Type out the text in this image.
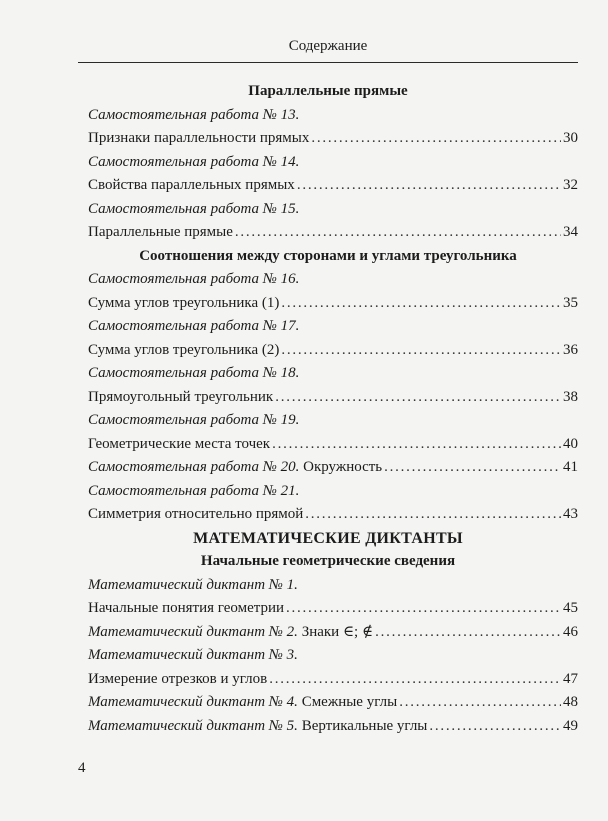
Содержание
Параллельные прямые
Самостоятельная работа № 13.
Признаки параллельности прямых . . .	30
Самостоятельная работа № 14.
Свойства параллельных прямых . . .	32
Самостоятельная работа № 15.
Параллельные прямые . . .	34
Соотношения между сторонами и углами треугольника
Самостоятельная работа № 16.
Сумма углов треугольника (1) . . .	35
Самостоятельная работа № 17.
Сумма углов треугольника (2) . . .	36
Самостоятельная работа № 18.
Прямоугольный треугольник . . .	38
Самостоятельная работа № 19.
Геометрические места точек . . .	40
Самостоятельная работа № 20. Окружность . . .	41
Самостоятельная работа № 21.
Симметрия относительно прямой . . .	43
МАТЕМАТИЧЕСКИЕ ДИКТАНТЫ
Начальные геометрические сведения
Математический диктант № 1.
Начальные понятия геометрии . . .	45
Математический диктант № 2. Знаки ∈; ∉ . . .	46
Математический диктант № 3.
Измерение отрезков и углов . . .	47
Математический диктант № 4. Смежные углы . . .	48
Математический диктант № 5. Вертикальные углы . . .	49
4
